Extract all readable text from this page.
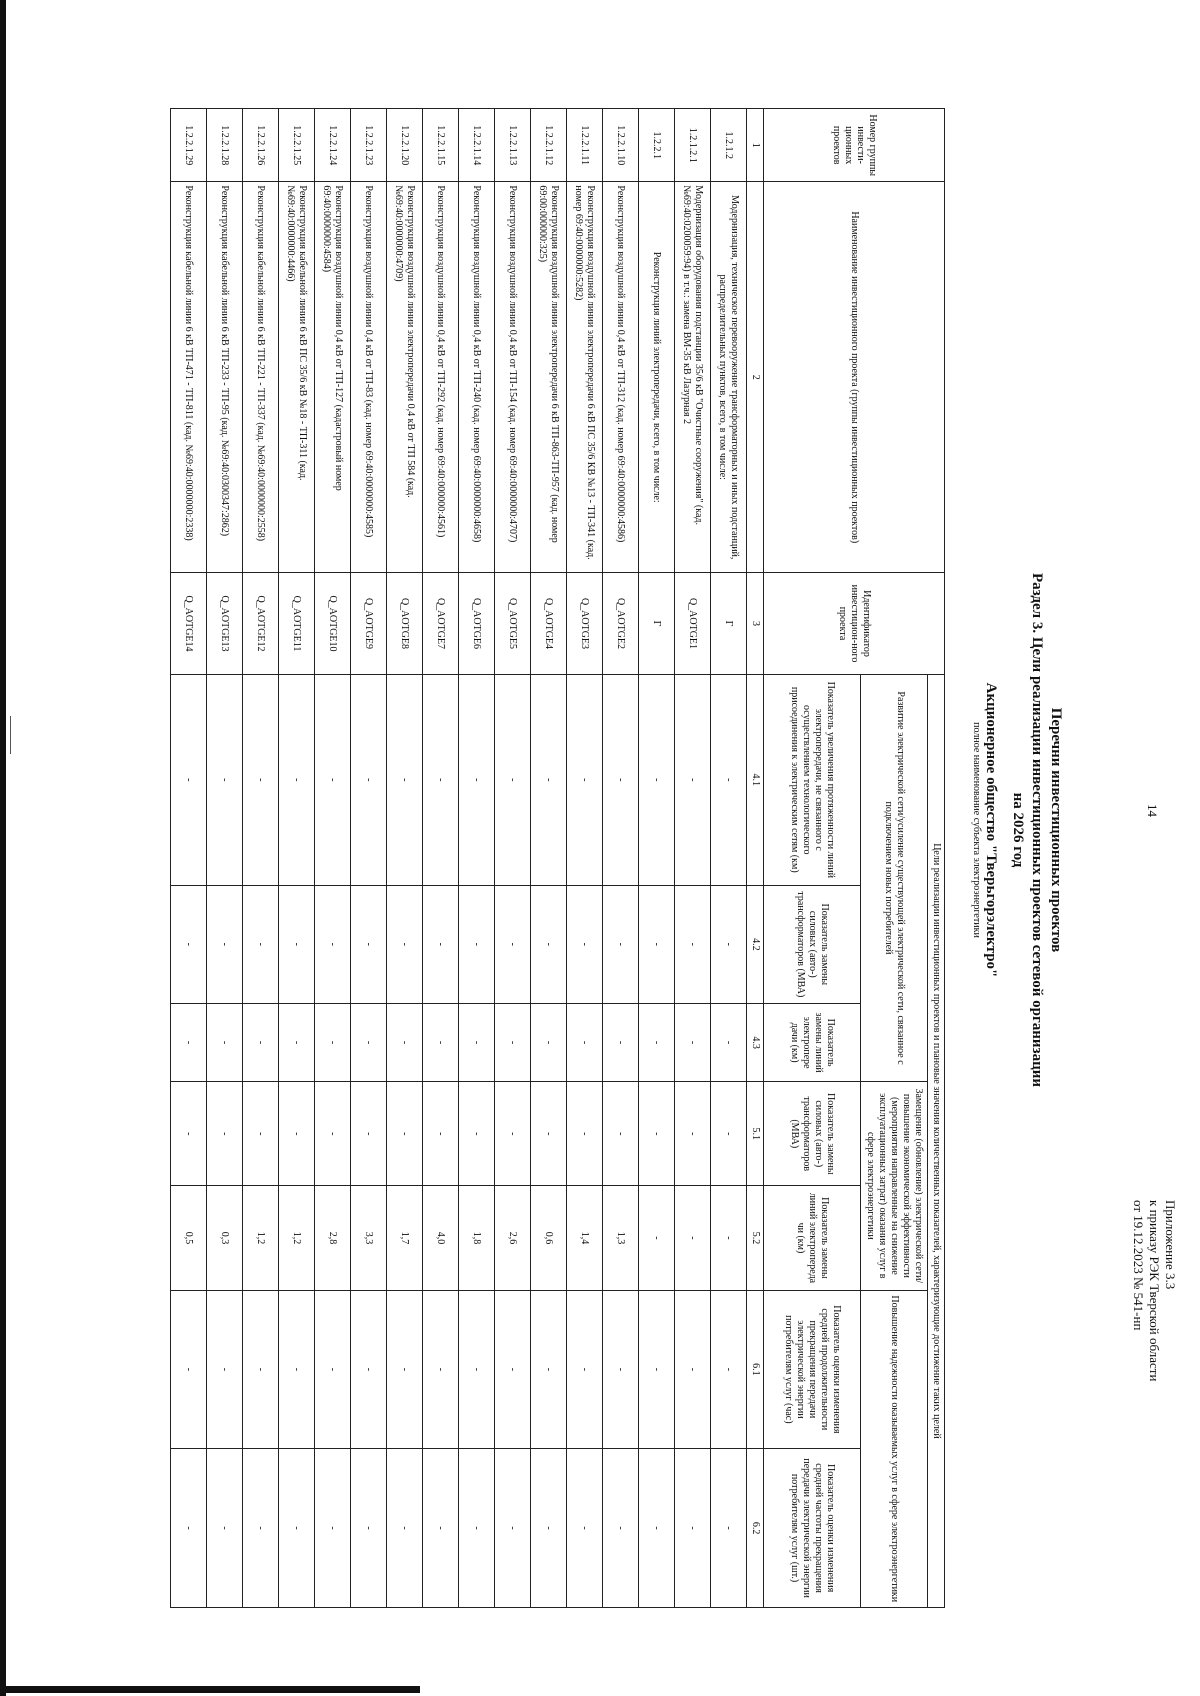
14
Приложение 3.3
к приказу РЭК Тверской области
от 19.12.2023 № 541-нп
Перечни инвестиционных проектов
Раздел 3. Цели реализации инвестиционных проектов сетевой организации
на 2026 год
Акционерное общество "Тверьгорэлектро"
полное наименование субъекта электроэнергетики
Номер группы инвести-ционных проектов	Наименование инвестиционного проекта (группы инвестиционных проектов)	Идентификатор инвестицион-ного проекта	Цели реализации инвестиционных проектов и плановые значения количественных показателей, характеризующие достижение таких целей						
			Развитие электрической сети/усиление существующей электрической сети, связанное с подключением новых потребителей			Замещение (обновление) электрической сети/повышение экономической эффективности (мероприятия направленные на снижение эксплуатационных затрат) оказания услуг в сфере электроэнергетики		Повышение надежности оказываемых услуг в сфере электроэнергетики	
			Показатель увеличения протяженности линий электропередачи, не связанного с осуществлением технологического присоединения к электрическим сетям (км)	Показатель замены силовых (авто-) трансформаторов (МВА)	Показатель замены линий электропере дачи (км)	Показатель замены силовых (авто-) трансформаторов (МВА)	Показатель замены линий электропереда чи (км)	Показатель оценки изменения средней продолжительности прекращения передачи электрической энергии потребителям услуг (час)	Показатель оценки изменения средней частоты прекращения передачи электрической энергии потребителям услуг (шт.)
1	2	3	4.1	4.2	4.3	5.1	5.2	6.1	6.2
1.2.1.2	Модернизация, техническое перевооружение трансформаторных и иных подстанций, распределительных пунктов, всего, в том числе:	Г	-	-	-	-	-	-	-
1.2.1.2.1	Модернизация оборудования подстанции 35/6 кВ "Очистные сооружения" (кад. №69:40:0200059:94) в т.ч.: замена ВМ-35 кВ Лазурная 2	Q_AOTGE1	-	-	-	-	-	-	-
1.2.2.1	Реконструкция линий электропередачи, всего, в том числе:	Г	-	-	-	-	-	-	-
1.2.2.1.10	Реконструкция воздушной линии 0,4 кВ от ТП-312 (кад. номер 69:40:0000000:4586)	Q_AOTGE2	-	-	-	-	1,3	-	-
1.2.2.1.11	Реконструкция воздушной линии электропередачи 6 кВ ПС 35/6 КВ №13 - ТП-341 (кад. номер 69:40:0000000:5282)	Q_AOTGE3	-	-	-	-	1,4	-	-
1.2.2.1.12	Реконструкция воздушной линии электропередачи 6 кВ ТП-863-ТП-957 (кад. номер 69:00:000000:325)	Q_AOTGE4	-	-	-	-	0,6	-	-
1.2.2.1.13	Реконструкция воздушной линии 0,4 кВ от ТП-154 (кад. номер 69:40:0000000:4707)	Q_AOTGE5	-	-	-	-	2,6	-	-
1.2.2.1.14	Реконструкция воздушной линии 0,4 кВ от ТП-240 (кад. номер 69:40:0000000:4658)	Q_AOTGE6	-	-	-	-	1,8	-	-
1.2.2.1.15	Реконструкция воздушной линии 0,4 кВ от ТП-292 (кад. номер 69:40:000000:4561)	Q_AOTGE7	-	-	-	-	4,0	-	-
1.2.2.1.20	Реконструкция воздушной линии электропередачи 0,4 кВ от ТП 584 (кад.№69:40:0000000:4709)	Q_AOTGE8	-	-	-	-	1,7	-	-
1.2.2.1.23	Реконструкция воздушной линии 0,4 кВ от ТП-83 (кад. номер 69:40:0000000:4585)	Q_AOTGE9	-	-	-	-	3,3	-	-
1.2.2.1.24	Реконструкция воздушной линии 0,4 кВ от ТП-127 (кадастровый номер 69:40:0000000:4584)	Q_AOTGE10	-	-	-	-	2,8	-	-
1.2.2.1.25	Реконструкция кабельной линии 6 кВ ПС 35/6 кВ №18 - ТП-311 (кад. №69:40:0000000:4466)	Q_AOTGE11	-	-	-	-	1,2	-	-
1.2.2.1.26	Реконструкция кабельной линии 6 кВ ТП-221 - ТП-337 (кад. №69:40:0000000:2558)	Q_AOTGE12	-	-	-	-	1,2	-	-
1.2.2.1.28	Реконструкция кабельной линии 6 кВ ТП-233 - ТП-95 (кад. №69:40:0300347:2862)	Q_AOTGE13	-	-	-	-	0,3	-	-
1.2.2.1.29	Реконструкция кабельной линии 6 кВ ТП-471 - ТП-811 (кад. №69:40:0000000:2338)	Q_AOTGE14	-	-	-	-	0,5	-	-
